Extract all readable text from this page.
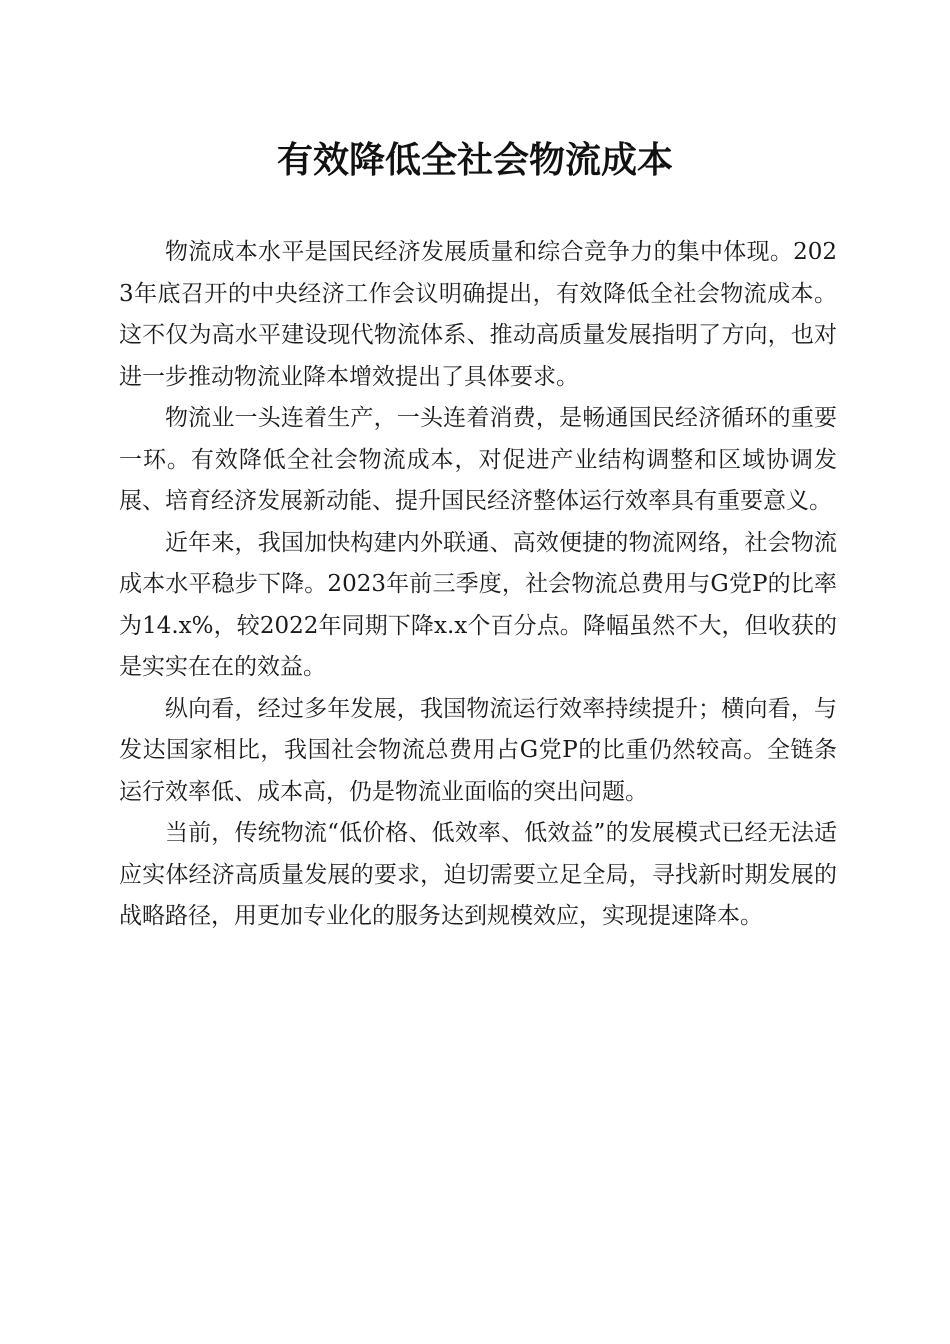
有效降低全社会物流成本

物流成本水平是国民经济发展质量和综合竞争力的集中体现。2023年底召开的中央经济工作会议明确提出，有效降低全社会物流成本。这不仅为高水平建设现代物流体系、推动高质量发展指明了方向，也对进一步推动物流业降本增效提出了具体要求。

物流业一头连着生产，一头连着消费，是畅通国民经济循环的重要一环。有效降低全社会物流成本，对促进产业结构调整和区域协调发展、培育经济发展新动能、提升国民经济整体运行效率具有重要意义。

近年来，我国加快构建内外联通、高效便捷的物流网络，社会物流成本水平稳步下降。2023年前三季度，社会物流总费用与G党P的比率为14.x%，较2022年同期下降x.x个百分点。降幅虽然不大，但收获的是实实在在的效益。

纵向看，经过多年发展，我国物流运行效率持续提升；横向看，与发达国家相比，我国社会物流总费用占G党P的比重仍然较高。全链条运行效率低、成本高，仍是物流业面临的突出问题。

当前，传统物流“低价格、低效率、低效益”的发展模式已经无法适应实体经济高质量发展的要求，迫切需要立足全局，寻找新时期发展的战略路径，用更加专业化的服务达到规模效应，实现提速降本。
